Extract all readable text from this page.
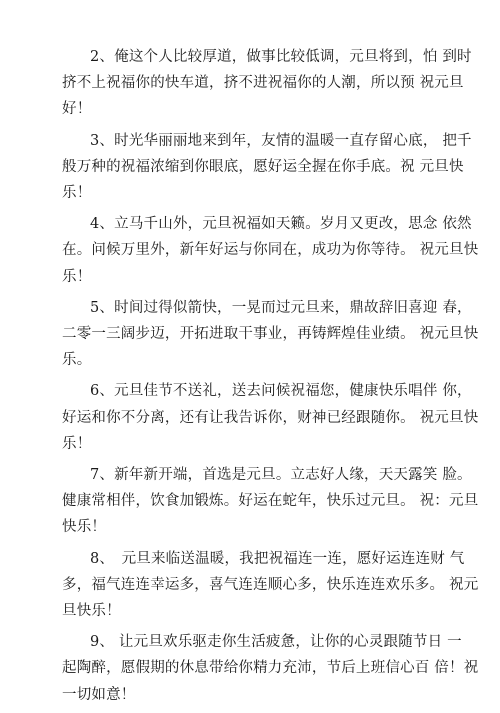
2、俺这个人比较厚道，做事比较低调，元旦将到，怕 到时
挤不上祝福你的快车道，挤不进祝福你的人潮，所以预 祝元旦
好！

3、时光华丽丽地来到年，友情的温暖一直存留心底， 把千
般万种的祝福浓缩到你眼底，愿好运全握在你手底。祝 元旦快
乐！

4、立马千山外，元旦祝福如天籁。岁月又更改，思念 依然
在。问候万里外，新年好运与你同在，成功为你等待。 祝元旦快
乐！

5、时间过得似箭快，一晃而过元旦来，鼎故辞旧喜迎 春，
二零一三阔步迈，开拓进取干事业，再铸辉煌佳业绩。 祝元旦快
乐。

6、元旦佳节不送礼，送去问候祝福您，健康快乐唱伴 你，
好运和你不分离，还有让我告诉你，财神已经跟随你。 祝元旦快
乐！

7、新年新开端，首选是元旦。立志好人缘，天天露笑 脸。
健康常相伴，饮食加锻炼。好运在蛇年，快乐过元旦。 祝：元旦
快乐！

8、　元旦来临送温暖，我把祝福连一连，愿好运连连财 气
多，福气连连幸运多，喜气连连顺心多，快乐连连欢乐多。 祝元
旦快乐！

9、 让元旦欢乐驱走你生活疲惫，让你的心灵跟随节日 一
起陶醉，愿假期的休息带给你精力充沛，节后上班信心百 倍！祝
一切如意！
